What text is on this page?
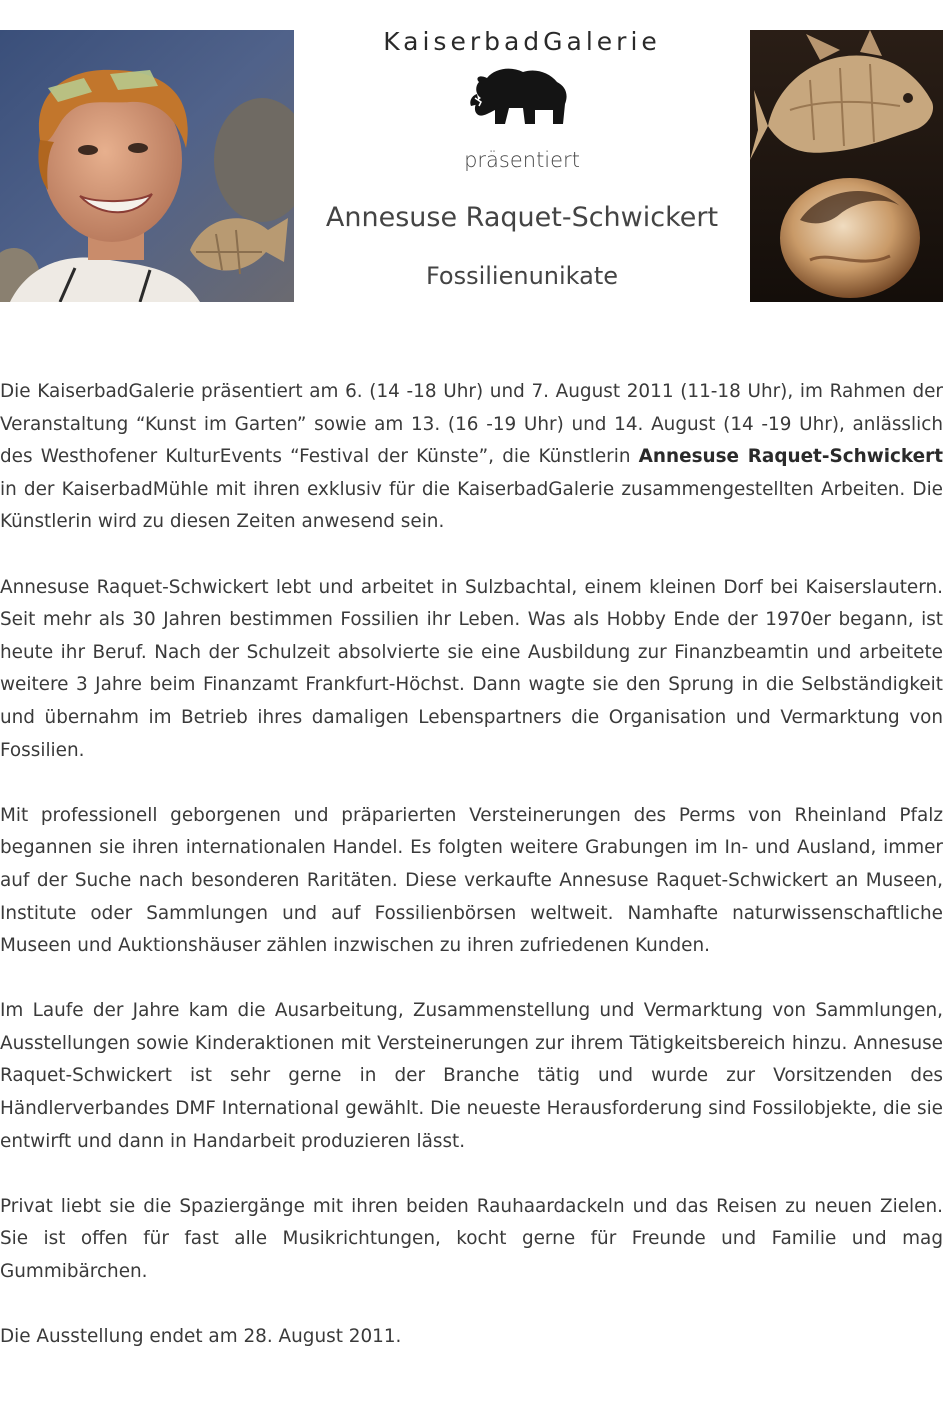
KaiserbadGalerie
präsentiert
Annesuse Raquet-Schwickert
Fossilienunikate

Die KaiserbadGalerie präsentiert am 6. (14 -18 Uhr) und 7. August 2011 (11-18 Uhr), im Rahmen der Veranstaltung “Kunst im Garten” sowie am 13. (16 -19 Uhr) und 14. August (14 -19 Uhr), anlässlich des Westhofener KulturEvents “Festival der Künste”, die Künstlerin Annesuse Raquet-Schwickert in der KaiserbadMühle mit ihren exklusiv für die KaiserbadGalerie zusammengestellten Arbeiten. Die Künstlerin wird zu diesen Zeiten anwesend sein.

Annesuse Raquet-Schwickert lebt und arbeitet in Sulzbachtal, einem kleinen Dorf bei Kaiserslautern. Seit mehr als 30 Jahren bestimmen Fossilien ihr Leben. Was als Hobby Ende der 1970er begann, ist heute ihr Beruf. Nach der Schulzeit absolvierte sie eine Ausbildung zur Finanzbeamtin und arbeitete weitere 3 Jahre beim Finanzamt Frankfurt-Höchst. Dann wagte sie den Sprung in die Selbständigkeit und übernahm im Betrieb ihres damaligen Lebenspartners die Organisation und Vermarktung von Fossilien.

Mit professionell geborgenen und präparierten Versteinerungen des Perms von Rheinland Pfalz begannen sie ihren internationalen Handel. Es folgten weitere Grabungen im In- und Ausland, immer auf der Suche nach besonderen Raritäten. Diese verkaufte Annesuse Raquet-Schwickert an Museen, Institute oder Sammlungen und auf Fossilienbörsen weltweit. Namhafte naturwissenschaftliche Museen und Auktionshäuser zählen inzwischen zu ihren zufriedenen Kunden.

Im Laufe der Jahre kam die Ausarbeitung, Zusammenstellung und Vermarktung von Sammlungen, Ausstellungen sowie Kinderaktionen mit Versteinerungen zur ihrem Tätigkeitsbereich hinzu. Annesuse Raquet-Schwickert ist sehr gerne in der Branche tätig und wurde zur Vorsitzenden des Händlerverbandes DMF International gewählt. Die neueste Herausforderung sind Fossilobjekte, die sie entwirft und dann in Handarbeit produzieren lässt.

Privat liebt sie die Spaziergänge mit ihren beiden Rauhaardackeln und das Reisen zu neuen Zielen. Sie ist offen für fast alle Musikrichtungen, kocht gerne für Freunde und Familie und mag Gummibärchen.

Die Ausstellung endet am 28. August 2011.
